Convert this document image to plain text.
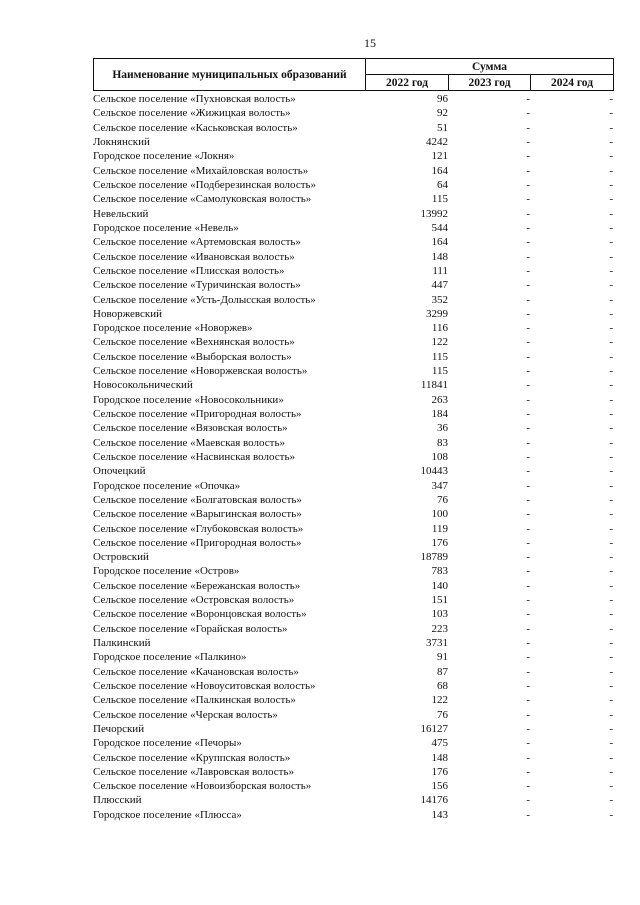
15
Наименование муниципальных образований	Сумма		
	2022 год	2023 год	2024 год
Сельское поселение «Пухновская волость»	96	-	-
Сельское поселение «Жижицкая волость»	92	-	-
Сельское поселение «Каськовская волость»	51	-	-
Локнянский	4242	-	-
Городское поселение «Локня»	121	-	-
Сельское поселение «Михайловская волость»	164	-	-
Сельское поселение «Подберезинская волость»	64	-	-
Сельское поселение «Самолуковская волость»	115	-	-
Невельский	13992	-	-
Городское поселение «Невель»	544	-	-
Сельское поселение «Артемовская волость»	164	-	-
Сельское поселение «Ивановская волость»	148	-	-
Сельское поселение «Плисская волость»	111	-	-
Сельское поселение «Туричинская волость»	447	-	-
Сельское поселение «Усть-Долысская волость»	352	-	-
Новоржевский	3299	-	-
Городское поселение «Новоржев»	116	-	-
Сельское поселение «Вехнянская волость»	122	-	-
Сельское поселение «Выборская волость»	115	-	-
Сельское поселение «Новоржевская волость»	115	-	-
Новосокольнический	11841	-	-
Городское поселение «Новосокольники»	263	-	-
Сельское поселение «Пригородная волость»	184	-	-
Сельское поселение «Вязовская волость»	36	-	-
Сельское поселение «Маевская волость»	83	-	-
Сельское поселение «Насвинская волость»	108	-	-
Опочецкий	10443	-	-
Городское поселение «Опочка»	347	-	-
Сельское поселение «Болгатовская волость»	76	-	-
Сельское поселение «Варыгинская волость»	100	-	-
Сельское поселение «Глубоковская волость»	119	-	-
Сельское поселение «Пригородная волость»	176	-	-
Островский	18789	-	-
Городское поселение «Остров»	783	-	-
Сельское поселение «Бережанская волость»	140	-	-
Сельское поселение «Островская волость»	151	-	-
Сельское поселение «Воронцовская волость»	103	-	-
Сельское поселение «Горайская волость»	223	-	-
Палкинский	3731	-	-
Городское поселение «Палкино»	91	-	-
Сельское поселение «Качановская волость»	87	-	-
Сельское поселение «Новоуситовская волость»	68	-	-
Сельское поселение «Палкинская волость»	122	-	-
Сельское поселение «Черская волость»	76	-	-
Печорский	16127	-	-
Городское поселение «Печоры»	475	-	-
Сельское поселение «Круппская волость»	148	-	-
Сельское поселение «Лавровская волость»	176	-	-
Сельское поселение «Новоизборская волость»	156	-	-
Плюсский	14176	-	-
Городское поселение «Плюсса»	143	-	-
